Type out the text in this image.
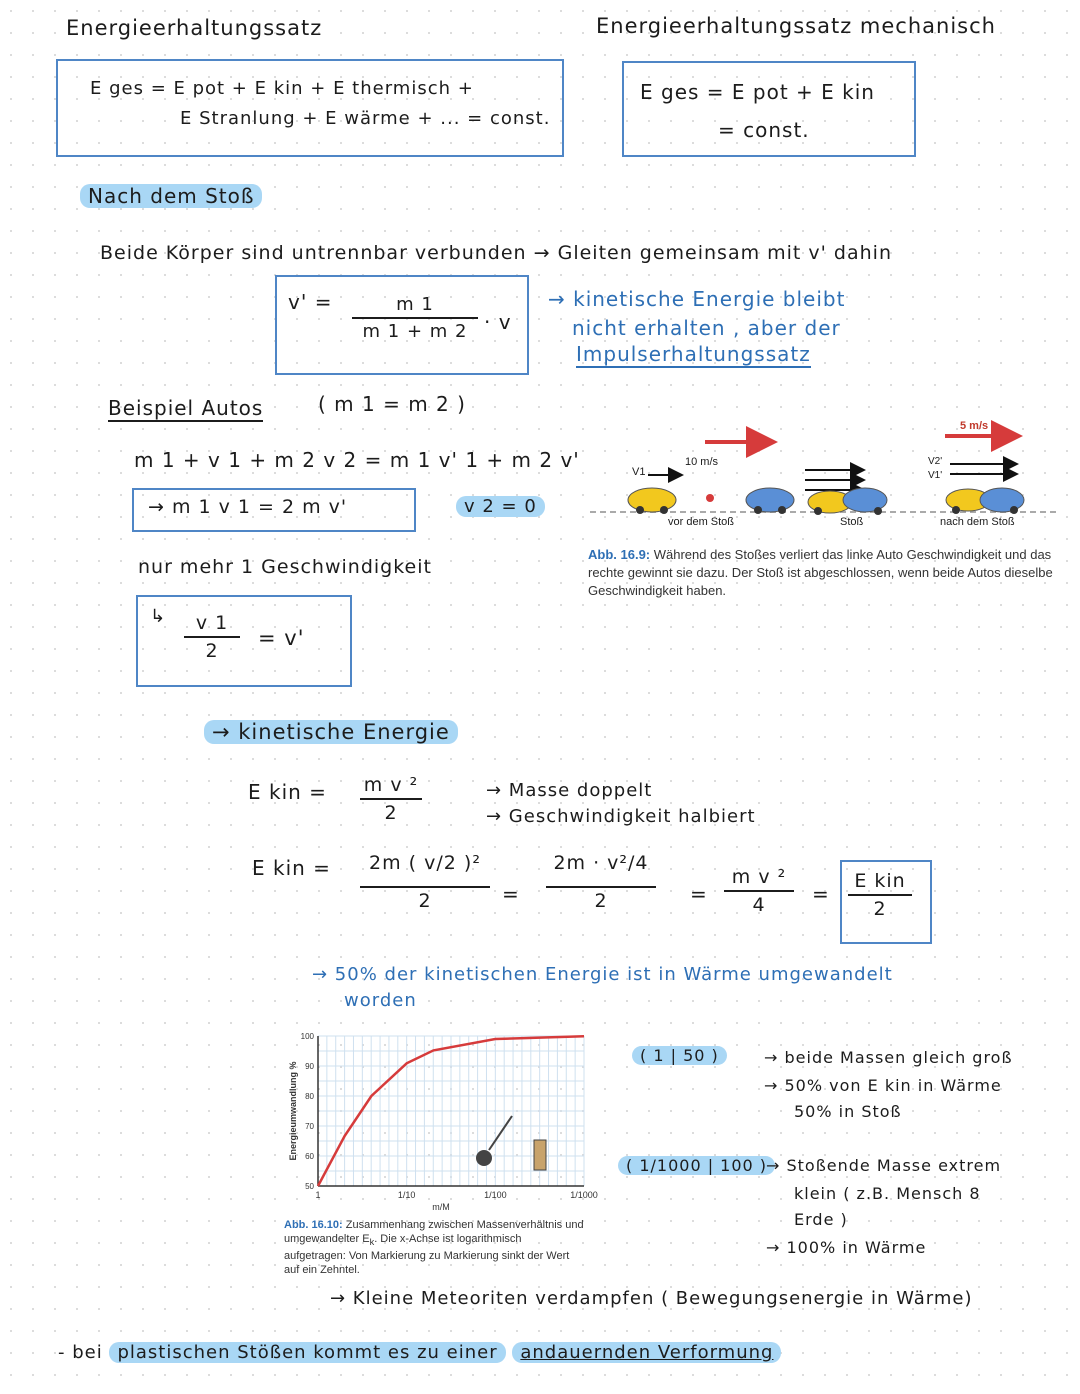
Energieerhaltungssatz	Energieerhaltungssatz mechanisch
E ges = E pot + E kin + E thermisch +
E Stranlung + E wärme + ... = const.
E ges = E pot + E kin
= const.
Nach dem Stoß
Beide Körper sind untrennbar verbunden → Gleiten gemeinsam mit v' dahin
v' =	m 1
m 1 + m 2 · v
→ kinetische Energie bleibt
nicht erhalten , aber der
Impulserhaltungssatz
Beispiel Autos	( m 1 = m 2 )
m 1 + v 1 + m 2 v 2 = m 1 v' 1 + m 2 v'
→ m 1 v 1 = 2 m v'	v 2 = 0
nur mehr 1 Geschwindigkeit
↳ v 1
2
= v'
10 m/s
5 m/s
V1
V2'
V1'
vor dem Stoß	Stoß	nach dem Stoß
Abb. 16.9: Während des Stoßes verliert das linke Auto Geschwindigkeit und das rechte gewinnt sie dazu. Der Stoß ist abgeschlossen, wenn beide Autos dieselbe Geschwindigkeit haben.
→ kinetische Energie
E kin = m v ²
2
→ Masse doppelt
→ Geschwindigkeit halbiert
E kin = 2m ( v/2 )²
2	=
2m · v²/4
2	=
m v ²
4 =
E kin
2
→ 50% der kinetischen Energie ist in Wärme umgewandelt
worden
50
60
70
80
90
100
1	1/10	1/100	1/1000
m/M
Energieumwandlung %
Abb. 16.10: Zusammenhang zwischen Massenverhältnis und umgewandelter $E_k$. Die x-Achse ist logarithmisch aufgetragen: Von Markierung zu Markierung sinkt der Wert auf ein Zehntel.
( 1 | 50 )	→ beide Massen gleich groß
→ 50% von E kin in Wärme
50% in Stoß
( 1/1000 | 100 )
→ Stoßende Masse extrem
klein ( z.B. Mensch 8
Erde )
→ 100% in Wärme
→ Kleine Meteoriten verdampfen ( Bewegungsenergie in Wärme)
- bei plastischen Stößen kommt es zu einer andauernden Verformung
